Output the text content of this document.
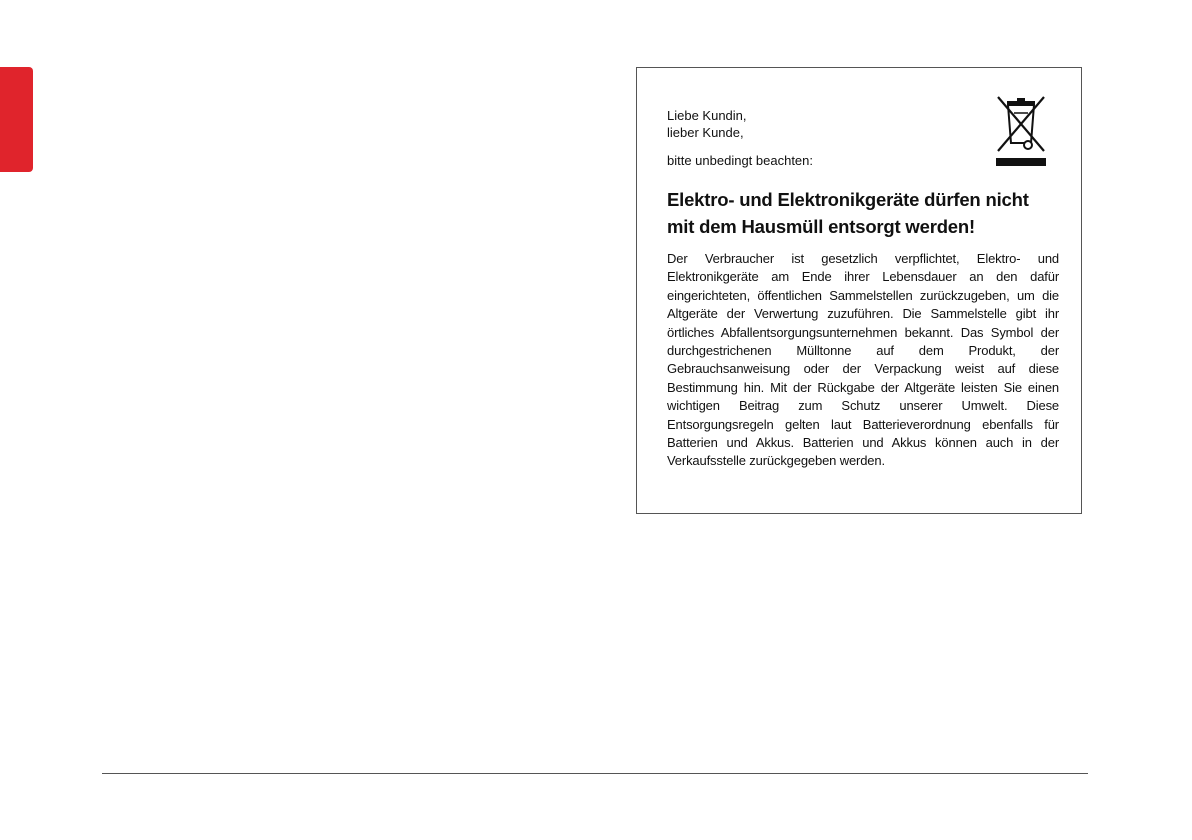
Liebe Kundin,
lieber Kunde,
bitte unbedingt beachten:
Elektro- und Elektronikgeräte dürfen nicht
mit dem Hausmüll entsorgt werden!
Der Verbraucher ist gesetzlich verpflichtet, Elektro- und Elektronikgeräte am Ende ihrer Lebensdauer an den dafür eingerichteten, öffentlichen Sammelstellen zurückzugeben, um die Altgeräte der Verwertung zuzuführen. Die Sammelstelle gibt ihr örtliches Abfallentsorgungsunternehmen bekannt. Das Symbol der durchgestrichenen Mülltonne auf dem Produkt, der Gebrauchsanweisung oder der Verpackung weist auf diese Bestimmung hin. Mit der Rückgabe der Altgeräte leisten Sie einen wichtigen Beitrag zum Schutz unserer Umwelt. Diese Entsorgungsregeln gelten laut Batterieverordnung ebenfalls für Batterien und Akkus. Batterien und Akkus können auch in der Verkaufsstelle zurückgegeben werden.
